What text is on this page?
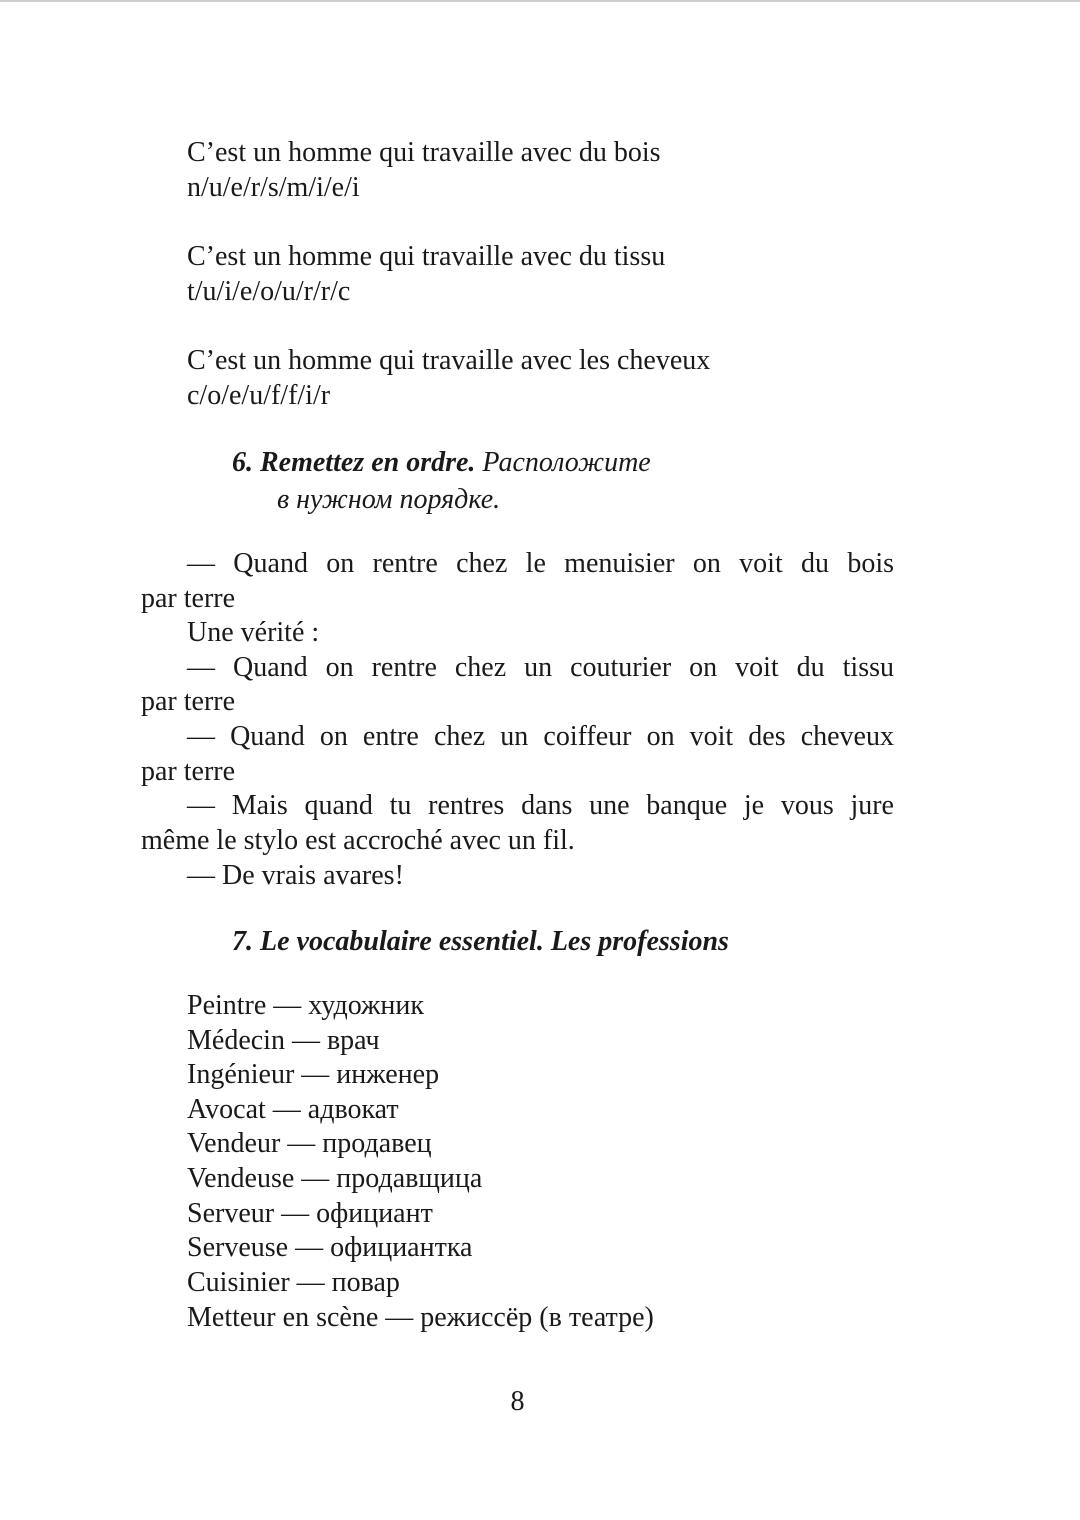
C’est un homme qui travaille avec du bois
n/u/e/r/s/m/i/e/i
C’est un homme qui travaille avec du tissu
t/u/i/e/o/u/r/r/c
C’est un homme qui travaille avec les cheveux
c/o/e/u/f/f/i/r
6. Remettez en ordre. Расположите
в нужном порядке.
— Quand on rentre chez le menuisier on voit du bois
par terre
Une vérité :
— Quand on rentre chez un couturier on voit du tissu
par terre
— Quand on entre chez un coiffeur on voit des cheveux
par terre
— Mais quand tu rentres dans une banque je vous jure
même le stylo est accroché avec un fil.
— De vrais avares!
7. Le vocabulaire essentiel. Les professions
Peintre — художник
Médecin — врач
Ingénieur — инженер
Avocat — адвокат
Vendeur — продавец
Vendeuse — продавщица
Serveur — официант
Serveuse — официантка
Cuisinier — повар
Metteur en scène — режиссёр (в театре)
8
